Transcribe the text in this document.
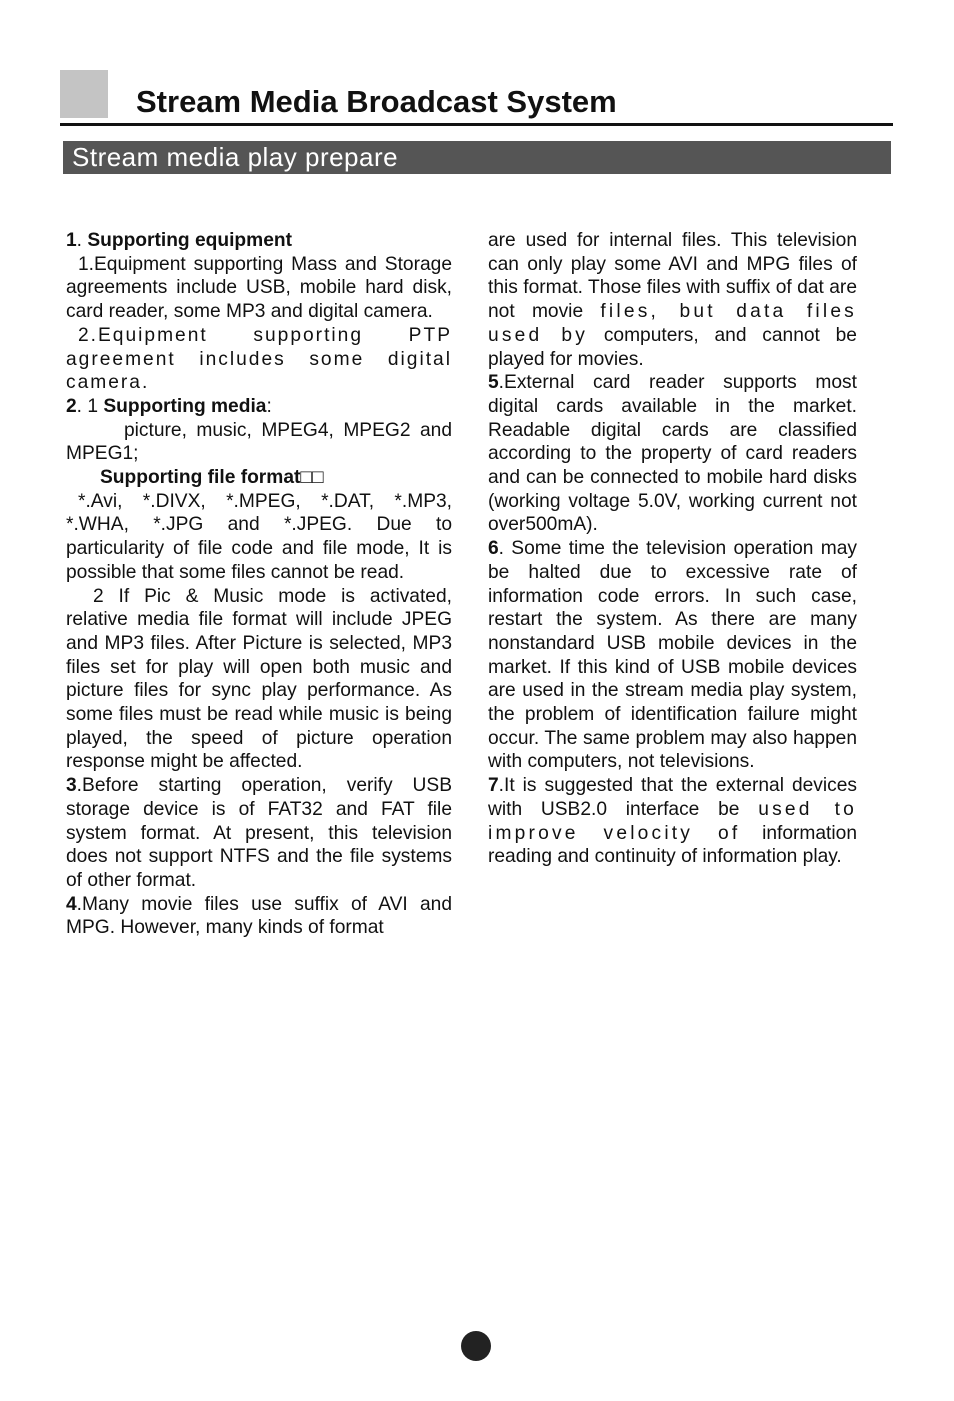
Stream Media Broadcast System
Stream media play prepare

1. Supporting equipment

1.Equipment supporting Mass and Storage agreements include USB, mobile hard disk, card reader, some MP3 and digital camera.

2.Equipment supporting PTP agreement includes some digital camera.

2. 1 Supporting media:

picture, music, MPEG4, MPEG2 and MPEG1;

Supporting file format□□

*.Avi, *.DIVX, *.MPEG, *.DAT, *.MP3, *.WHA, *.JPG and *.JPEG. Due to particularity of file code and file mode, It is possible that some files cannot be read.

2 If Pic & Music mode is activated, relative media file format will include JPEG and MP3 files. After Picture is selected, MP3 files set for play will open both music and picture files for sync play performance. As some files must be read while music is being played, the speed of picture operation response might be affected.

3.Before starting operation, verify USB storage device is of FAT32 and FAT file system format. At present, this television does not support NTFS and the file systems of other format.

4.Many movie files use suffix of AVI and MPG. However, many kinds of format

are used for internal files. This television can only play some AVI and MPG files of this format. Those files with suffix of dat are not movie files, but data files used by computers, and cannot be played for movies.

5.External card reader supports most digital cards available in the market. Readable digital cards are classified according to the property of card readers and can be connected to mobile hard disks (working voltage 5.0V, working current not over500mA).

6. Some time the television operation may be halted due to excessive rate of information code errors. In such case, restart the system. As there are many nonstandard USB mobile devices in the market. If this kind of USB mobile devices are used in the stream media play system, the problem of identification failure might occur. The same problem may also happen with computers, not televisions.

7.It is suggested that the external devices with USB2.0 interface be used to improve velocity of information reading and continuity of information play.
